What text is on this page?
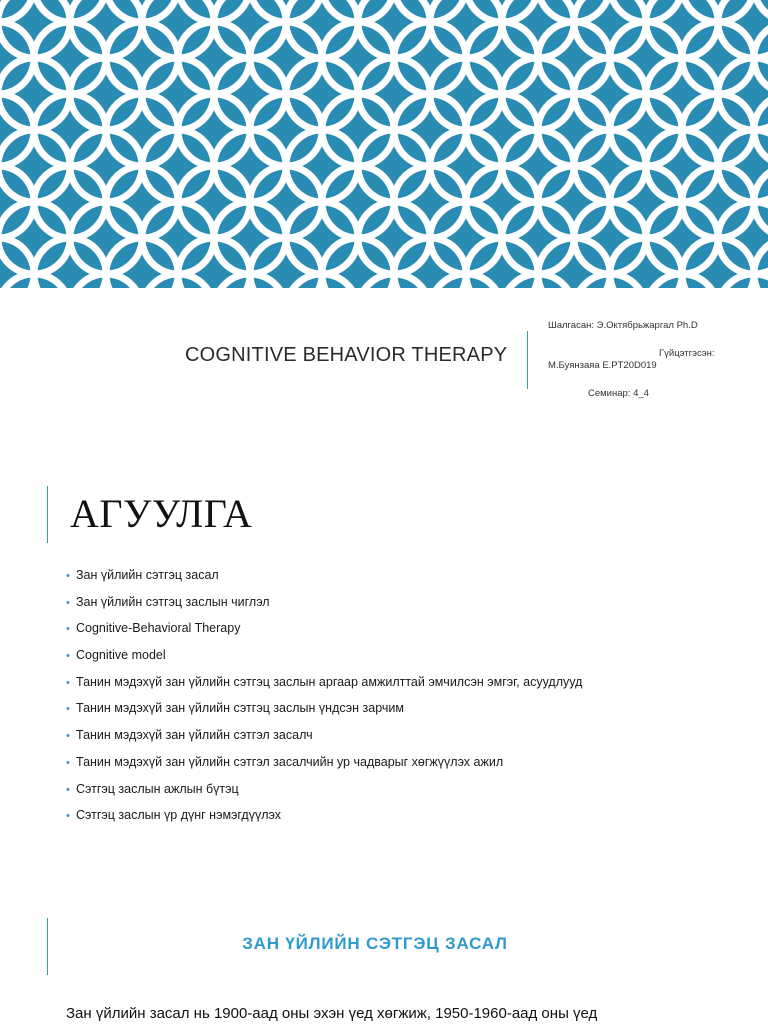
COGNITIVE BEHAVIOR THERAPY
Шалгасан: Э.Октябрьжаргал Ph.D
Гүйцэтгэсэн:
М.Буянзаяа E.PT20D019
Семинар: 4_4
АГУУЛГА
• Зан үйлийн сэтгэц засал
• Зан үйлийн сэтгэц заслын чиглэл
• Cognitive-Behavioral Therapy
• Cognitive model
• Танин мэдэхүй зан үйлийн сэтгэц заслын аргаар амжилттай эмчилсэн эмгэг, асуудлууд
• Танин мэдэхүй зан үйлийн сэтгэц заслын үндсэн зарчим
• Танин мэдэхүй зан үйлийн сэтгэл засалч
• Танин мэдэхүй зан үйлийн сэтгэл засалчийн ур чадварыг хөгжүүлэх ажил
• Сэтгэц заслын ажлын бүтэц
• Сэтгэц заслын үр дүнг нэмэгдүүлэх
ЗАН ҮЙЛИЙН СЭТГЭЦ ЗАСАЛ
Зан үйлийн засал нь 1900-аад оны эхэн үед хөгжиж, 1950-1960-аад оны үед
